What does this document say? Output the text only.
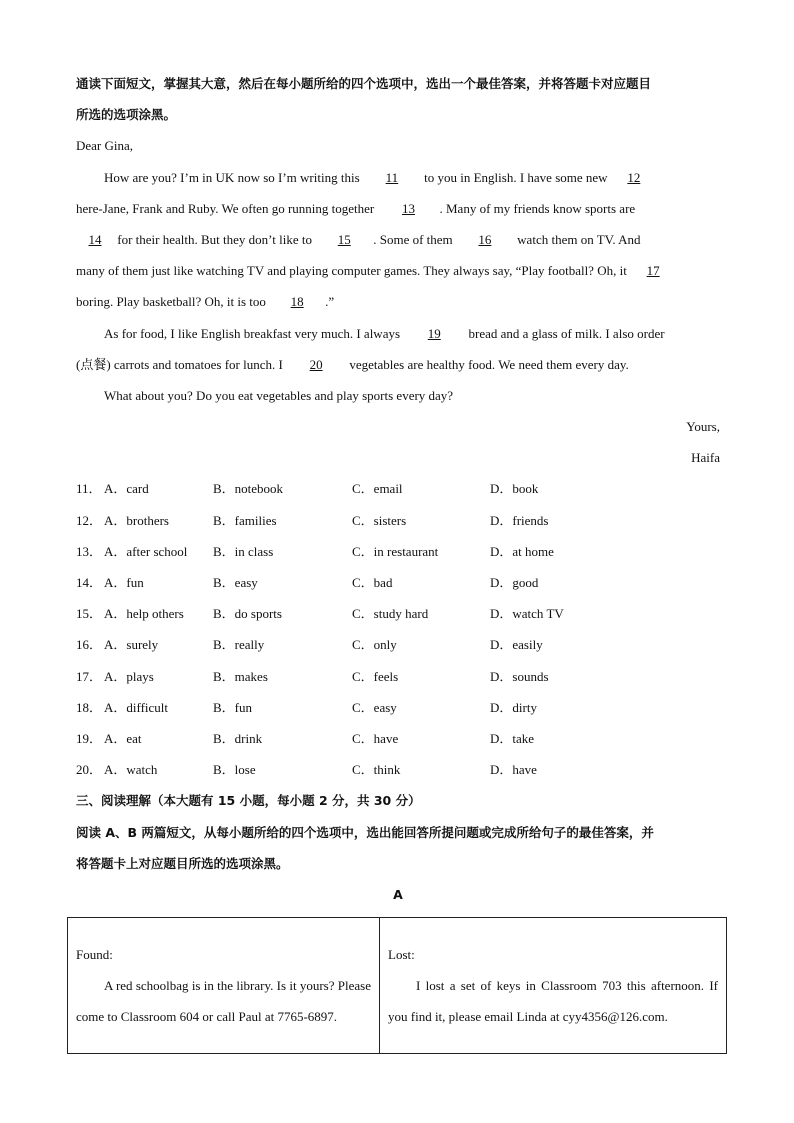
通读下面短文，掌握其大意，然后在每小题所给的四个选项中，选出一个最佳答案，并将答题卡对应题目
所选的选项涂黑。
Dear Gina,
How are you? I’m in UK now so I’m writing this 11 to you in English. I have some new 12
here-Jane, Frank and Ruby. We often go running together 13 . Many of my friends know sports are
14 for their health. But they don’t like to 15 . Some of them 16 watch them on TV. And
many of them just like watching TV and playing computer games. They always say, “Play football? Oh, it 17
boring. Play basketball? Oh, it is too 18 .”
As for food, I like English breakfast very much. I always 19 bread and a glass of milk. I also order
(点餐) carrots and tomatoes for lunch. I 20 vegetables are healthy food. We need them every day.
What about you? Do you eat vegetables and play sports every day?
Yours,
Haifa
11． A．card	B．notebook	C．email	D．book
12． A．brothers	B．families	C．sisters	D．friends
13． A．after school B．in class	C．in restaurant	D．at home
14． A．fun	B．easy	C．bad	D．good
15． A．help others B．do sports	C．study hard	D．watch TV
16． A．surely	B．really	C．only	D．easily
17． A．plays	B．makes	C．feels	D．sounds
18． A．difficult	B．fun	C．easy	D．dirty
19． A．eat	B．drink	C．have	D．take
20． A．watch	B．lose	C．think	D．have
三、阅读理解（本大题有 15 小题，每小题 2 分，共 30 分）
阅读 A、B 两篇短文，从每小题所给的四个选项中，选出能回答所提问题或完成所给句子的最佳答案，并
将答题卡上对应题目所选的选项涂黑。
A
Found:
A red schoolbag is in the library. Is it yours? Please come to Classroom 604 or call Paul at 7765-6897.

Lost:
I lost a set of keys in Classroom 703 this afternoon. If you find it, please email Linda at cyy4356@126.com.
